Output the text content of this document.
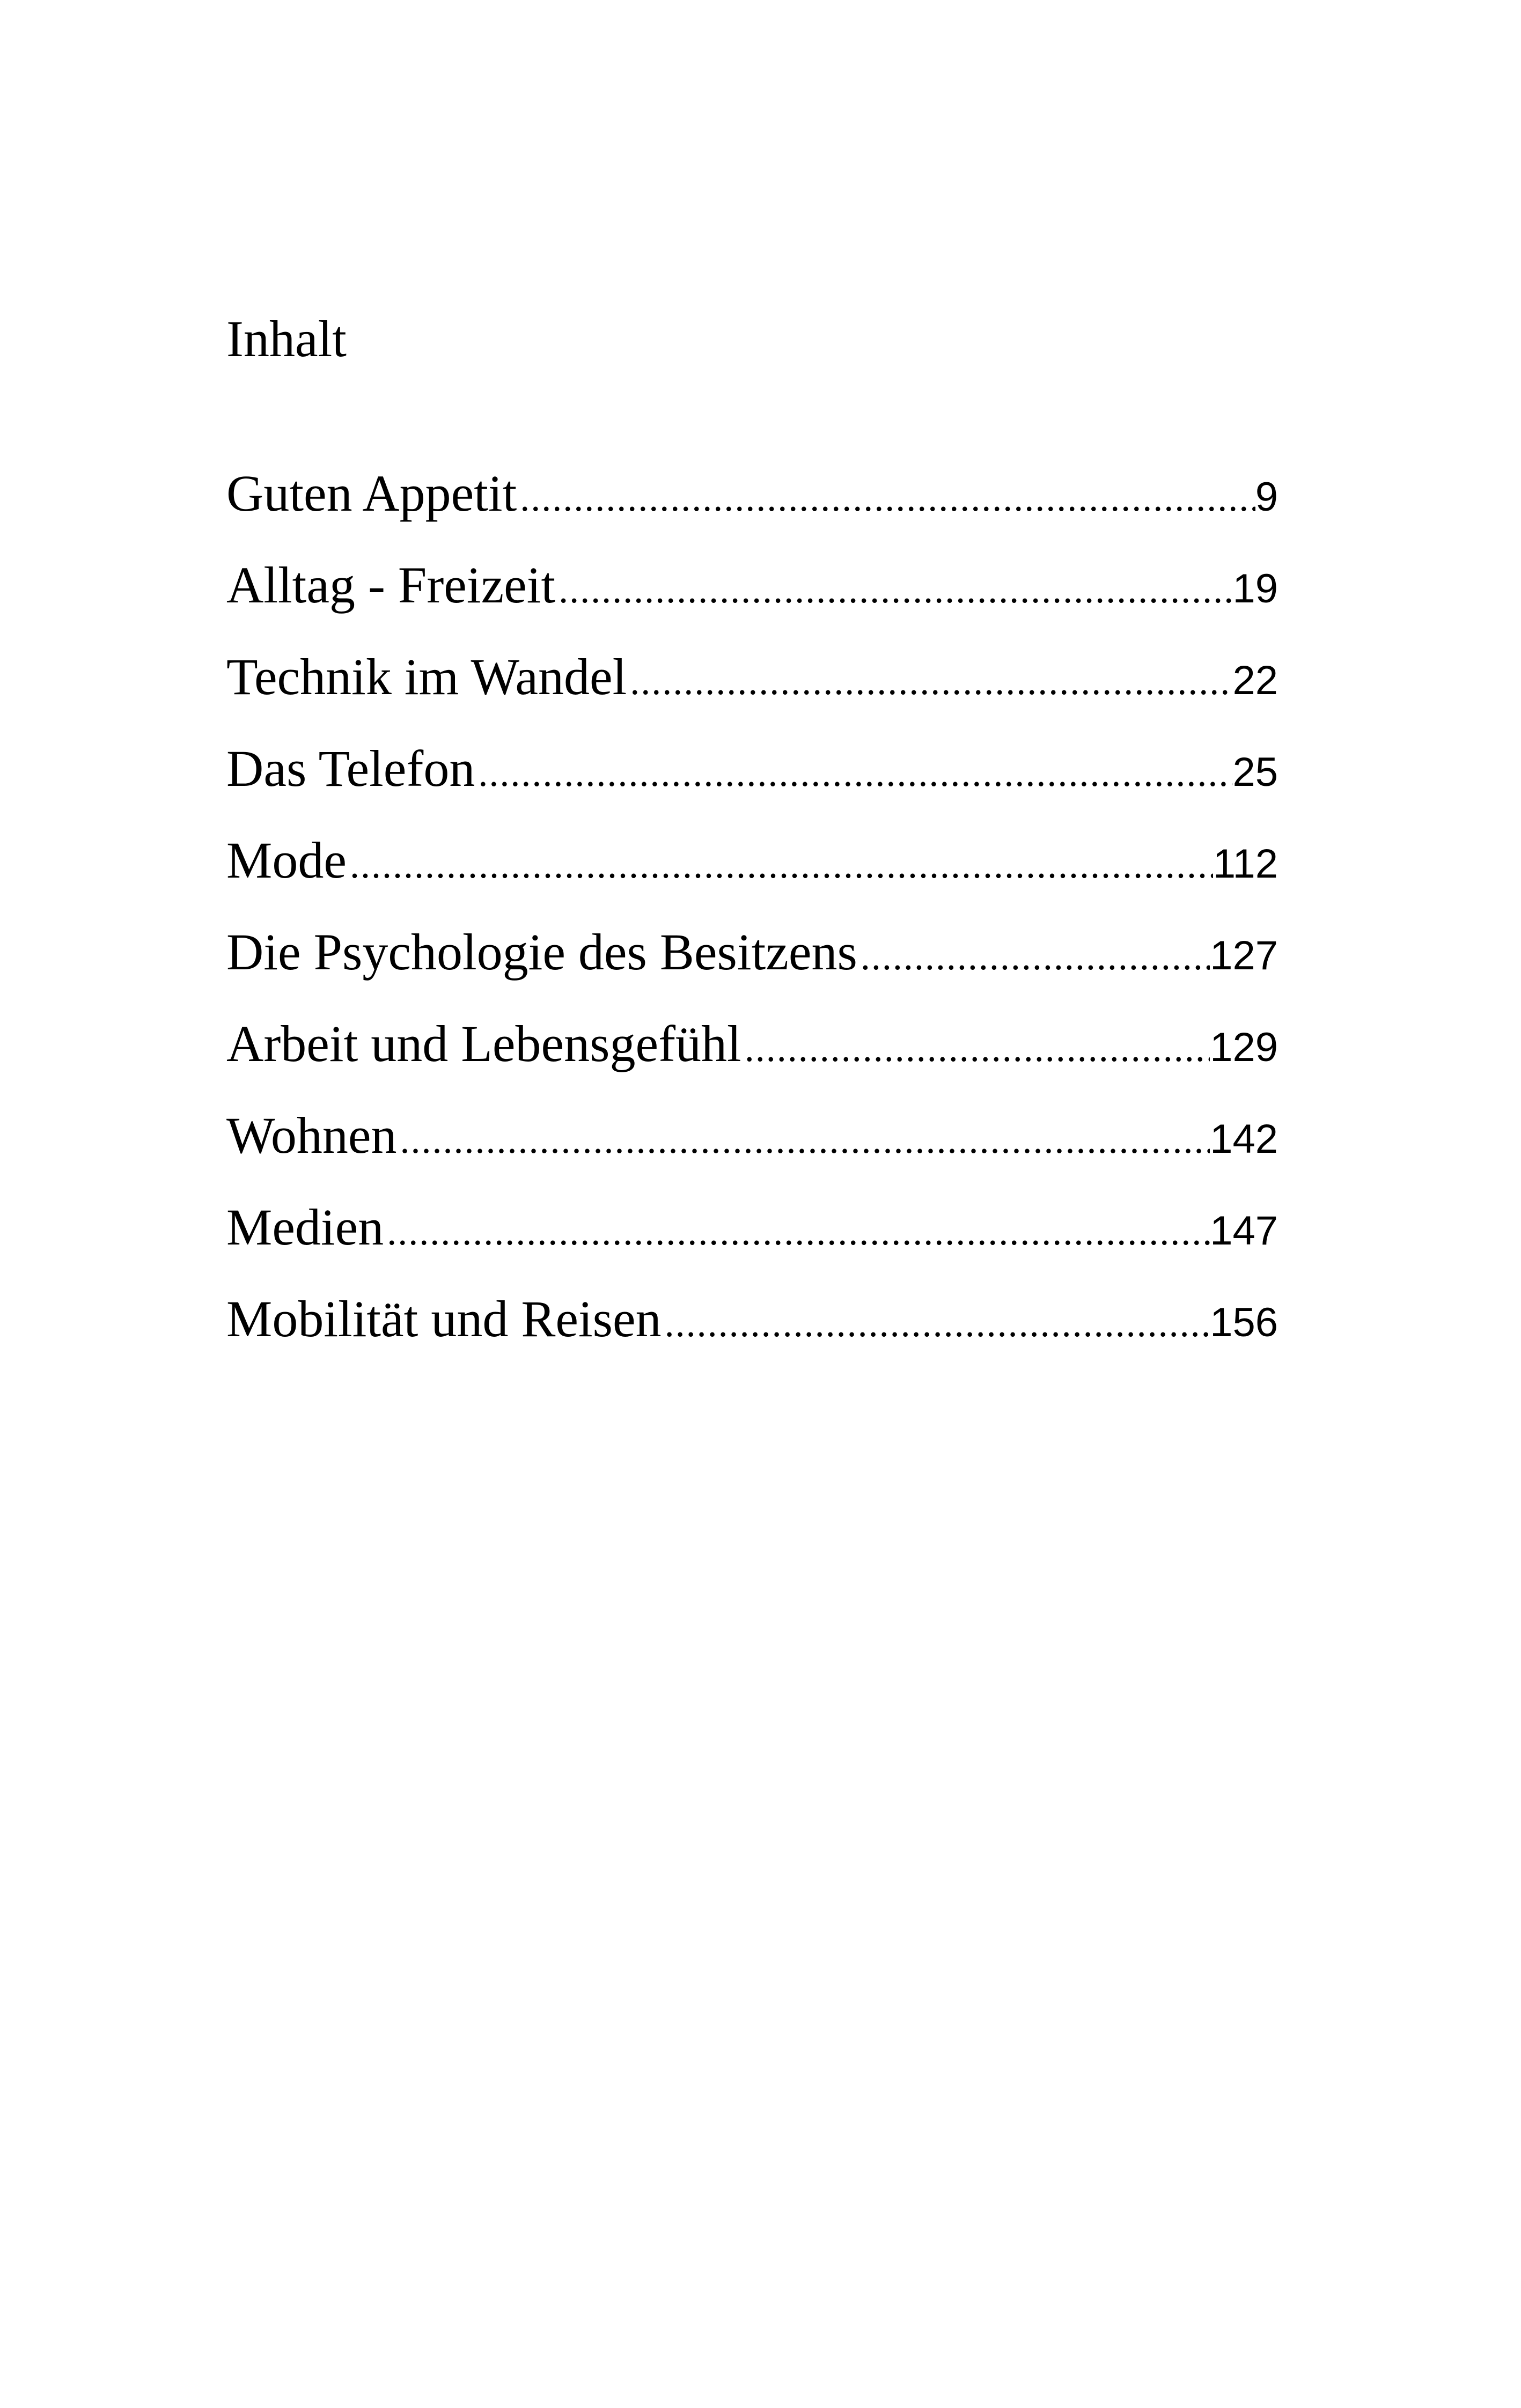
Inhalt
Guten Appetit .....	9
Alltag - Freizeit .....	19
Technik im Wandel .....	22
Das Telefon .....	25
Mode .....	112
Die Psychologie des Besitzens .....	127
Arbeit und Lebensgefühl .....	129
Wohnen .....	142
Medien .....	147
Mobilität und Reisen .....	156
